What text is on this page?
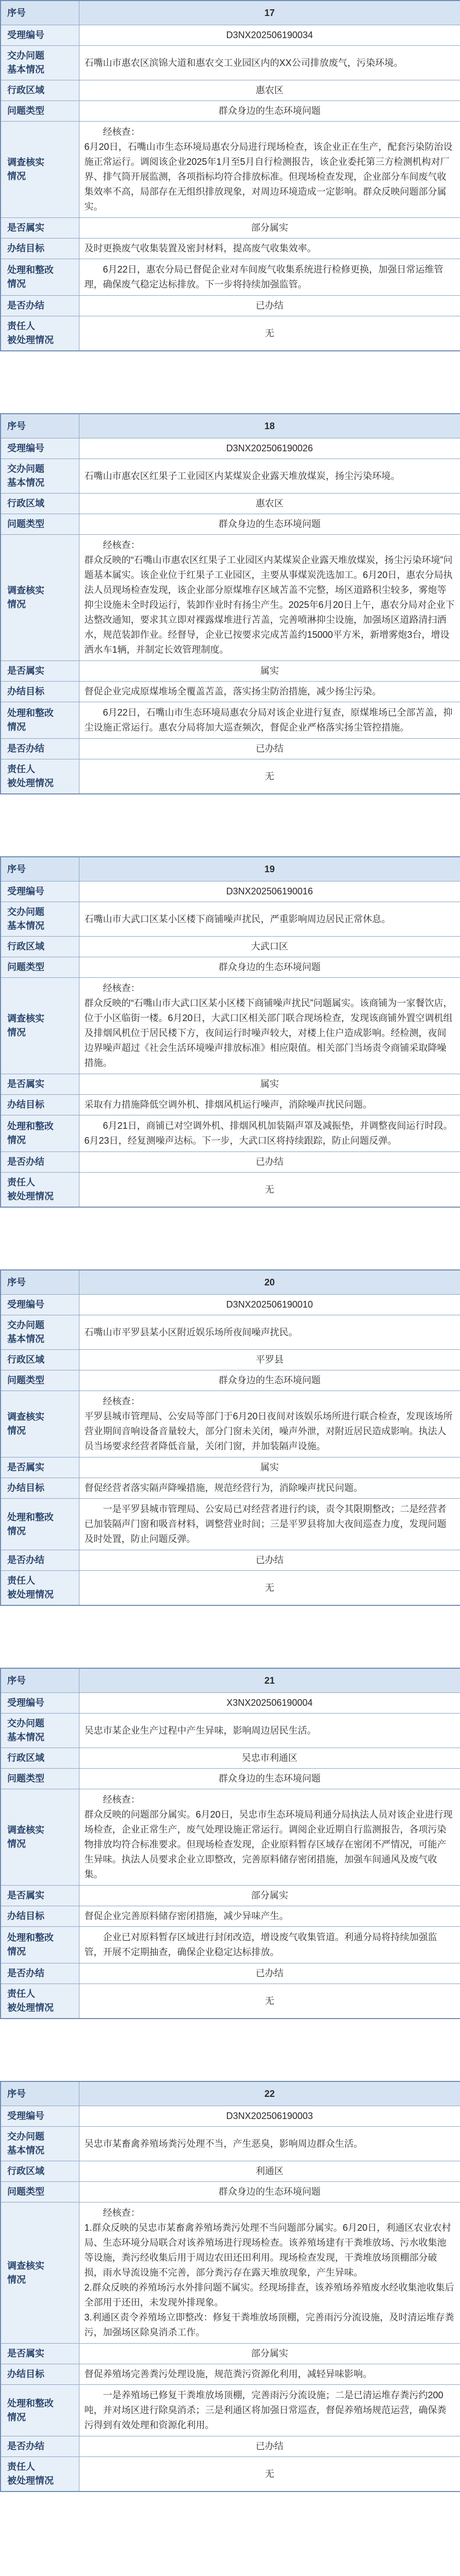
序号	17
受理编号	D3NX202506190034
交办问题
基本情况	石嘴山市惠农区滨锦大道和惠农交工业园区内的XX公司排放废气，污染环境。
行政区域	惠农区
问题类型	群众身边的生态环境问题
调查核实
情况	经核查：
6月20日，石嘴山市生态环境局惠农分局进行现场检查，该企业正在生产，配套污染防治设施正常运行。调阅该企业2025年1月至5月自行检测报告，该企业委托第三方检测机构对厂界、排气筒开展监测，各项指标均符合排放标准。但现场检查发现，企业部分车间废气收集效率不高，局部存在无组织排放现象，对周边环境造成一定影响。群众反映问题部分属实。
是否属实	部分属实
办结目标	及时更换废气收集装置及密封材料，提高废气收集效率。
处理和整改
情况	6月22日，惠农分局已督促企业对车间废气收集系统进行检修更换，加强日常运维管理，确保废气稳定达标排放。下一步将持续加强监管。
是否办结	已办结
责任人
被处理情况	无
序号	18
受理编号	D3NX202506190026
交办问题
基本情况	石嘴山市惠农区红果子工业园区内某煤炭企业露天堆放煤炭，扬尘污染环境。
行政区域	惠农区
问题类型	群众身边的生态环境问题
调查核实
情况	经核查：
群众反映的“石嘴山市惠农区红果子工业园区内某煤炭企业露天堆放煤炭，扬尘污染环境”问题基本属实。该企业位于红果子工业园区，主要从事煤炭洗选加工。6月20日，惠农分局执法人员现场检查发现，该企业部分原煤堆存区域苫盖不完整，场区道路积尘较多，雾炮等抑尘设施未全时段运行，装卸作业时有扬尘产生。2025年6月20日上午，惠农分局对企业下达整改通知，要求其立即对裸露煤堆进行苫盖，完善喷淋抑尘设施，加强场区道路清扫洒水，规范装卸作业。经督导，企业已按要求完成苫盖约15000平方米，新增雾炮3台，增设洒水车1辆，并制定长效管理制度。
是否属实	属实
办结目标	督促企业完成原煤堆场全覆盖苫盖，落实扬尘防治措施，减少扬尘污染。
处理和整改
情况	6月22日，石嘴山市生态环境局惠农分局对该企业进行复查，原煤堆场已全部苫盖，抑尘设施正常运行。惠农分局将加大巡查频次，督促企业严格落实扬尘管控措施。
是否办结	已办结
责任人
被处理情况	无
序号	19
受理编号	D3NX202506190016
交办问题
基本情况	石嘴山市大武口区某小区楼下商铺噪声扰民，严重影响周边居民正常休息。
行政区域	大武口区
问题类型	群众身边的生态环境问题
调查核实
情况	经核查：
群众反映的“石嘴山市大武口区某小区楼下商铺噪声扰民”问题属实。该商铺为一家餐饮店，位于小区临街一楼。6月20日，大武口区相关部门联合现场检查，发现该商铺外置空调机组及排烟风机位于居民楼下方，夜间运行时噪声较大，对楼上住户造成影响。经检测，夜间边界噪声超过《社会生活环境噪声排放标准》相应限值。相关部门当场责令商铺采取降噪措施。
是否属实	属实
办结目标	采取有力措施降低空调外机、排烟风机运行噪声，消除噪声扰民问题。
处理和整改
情况	6月21日，商铺已对空调外机、排烟风机加装隔声罩及减振垫，并调整夜间运行时段。6月23日，经复测噪声达标。下一步，大武口区将持续跟踪，防止问题反弹。
是否办结	已办结
责任人
被处理情况	无
序号	20
受理编号	D3NX202506190010
交办问题
基本情况	石嘴山市平罗县某小区附近娱乐场所夜间噪声扰民。
行政区域	平罗县
问题类型	群众身边的生态环境问题
调查核实
情况	经核查：
平罗县城市管理局、公安局等部门于6月20日夜间对该娱乐场所进行联合检查，发现该场所营业期间音响设备音量较大，部分门窗未关闭，噪声外泄，对附近居民造成影响。执法人员当场要求经营者降低音量，关闭门窗，并加装隔声设施。
是否属实	属实
办结目标	督促经营者落实隔声降噪措施，规范经营行为，消除噪声扰民问题。
处理和整改
情况	一是平罗县城市管理局、公安局已对经营者进行约谈，责令其限期整改；二是经营者已加装隔声门窗和吸音材料，调整营业时间；三是平罗县将加大夜间巡查力度，发现问题及时处置，防止问题反弹。
是否办结	已办结
责任人
被处理情况	无
序号	21
受理编号	X3NX202506190004
交办问题
基本情况	吴忠市某企业生产过程中产生异味，影响周边居民生活。
行政区域	吴忠市利通区
问题类型	群众身边的生态环境问题
调查核实
情况	经核查：
群众反映的问题部分属实。6月20日，吴忠市生态环境局利通分局执法人员对该企业进行现场检查，企业正常生产，废气处理设施正常运行。调阅企业近期自行监测报告，各项污染物排放均符合标准要求。但现场检查发现，企业原料暂存区域存在密闭不严情况，可能产生异味。执法人员要求企业立即整改，完善原料储存密闭措施，加强车间通风及废气收集。
是否属实	部分属实
办结目标	督促企业完善原料储存密闭措施，减少异味产生。
处理和整改
情况	企业已对原料暂存区域进行封闭改造，增设废气收集管道。利通分局将持续加强监管，开展不定期抽查，确保企业稳定达标排放。
是否办结	已办结
责任人
被处理情况	无
序号	22
受理编号	D3NX202506190003
交办问题
基本情况	吴忠市某畜禽养殖场粪污处理不当，产生恶臭，影响周边群众生活。
行政区域	利通区
问题类型	群众身边的生态环境问题
调查核实
情况	经核查：
1.群众反映的吴忠市某畜禽养殖场粪污处理不当问题部分属实。6月20日，利通区农业农村局、生态环境分局联合对该养殖场进行现场检查。该养殖场建有干粪堆放场、污水收集池等设施，粪污经收集后用于周边农田还田利用。现场检查发现，干粪堆放场顶棚部分破损，雨水导流设施不完善，部分粪污存在露天堆放现象，产生异味。
2.群众反映的养殖场污水外排问题不属实。经现场排查，该养殖场养殖废水经收集池收集后全部用于还田，未发现外排现象。
3.利通区责令养殖场立即整改：修复干粪堆放场顶棚，完善雨污分流设施，及时清运堆存粪污，加强场区除臭消杀工作。
是否属实	部分属实
办结目标	督促养殖场完善粪污处理设施，规范粪污资源化利用，减轻异味影响。
处理和整改
情况	一是养殖场已修复干粪堆放场顶棚，完善雨污分流设施；二是已清运堆存粪污约200吨，并对场区进行除臭消杀；三是利通区将加强日常巡查，督促养殖场规范运营，确保粪污得到有效处理和资源化利用。
是否办结	已办结
责任人
被处理情况	无
